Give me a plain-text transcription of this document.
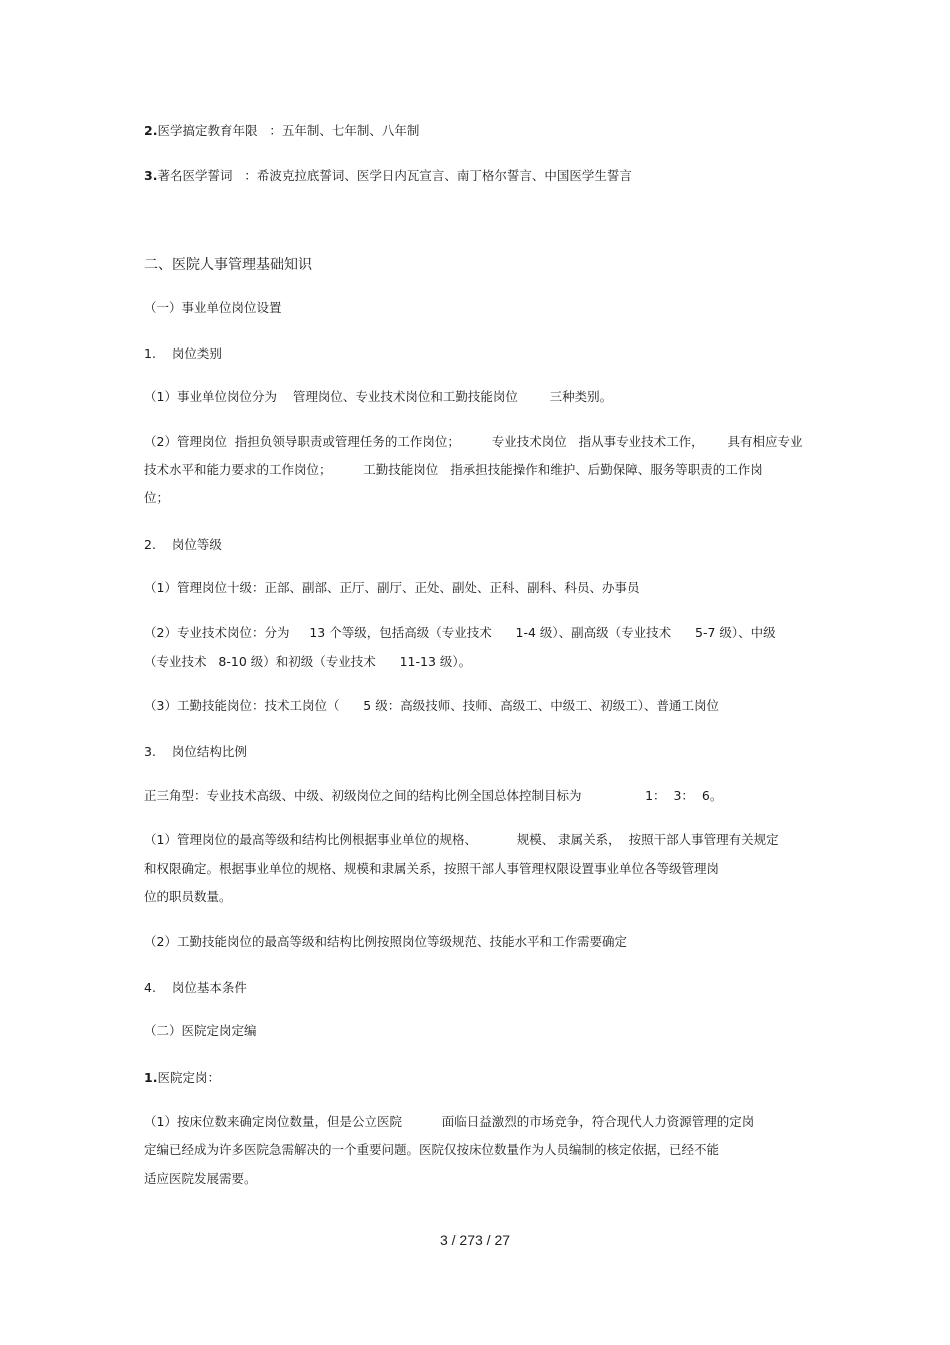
2.医学搞定教育年限   ：五年制、七年制、八年制
3.著名医学誓词   ：希波克拉底誓词、医学日内瓦宣言、南丁格尔誓言、中国医学生誓言
二、医院人事管理基础知识
（一）事业单位岗位设置
1.    岗位类别
（1）事业单位岗位分为    管理岗位、专业技术岗位和工勤技能岗位        三种类别。
（2）管理岗位  指担负领导职责或管理任务的工作岗位；        专业技术岗位   指从事专业技术工作，      具有相应专业
技术水平和能力要求的工作岗位；        工勤技能岗位   指承担技能操作和维护、后勤保障、服务等职责的工作岗
位；
2.    岗位等级
（1）管理岗位十级：正部、副部、正厅、副厅、正处、副处、正科、副科、科员、办事员
（2）专业技术岗位：分为     13 个等级，包括高级（专业技术      1-4 级）、副高级（专业技术      5-7 级）、中级
（专业技术   8-10 级）和初级（专业技术      11-13 级）。
（3）工勤技能岗位：技术工岗位（      5 级：高级技师、技师、高级工、中级工、初级工）、普通工岗位
3.    岗位结构比例
正三角型：专业技术高级、中级、初级岗位之间的结构比例全国总体控制目标为                1：  3：  6。
（1）管理岗位的最高等级和结构比例根据事业单位的规格、          规模、 隶属关系，  按照干部人事管理有关规定
和权限确定。根据事业单位的规格、规模和隶属关系，按照干部人事管理权限设置事业单位各等级管理岗
位的职员数量。
（2）工勤技能岗位的最高等级和结构比例按照岗位等级规范、技能水平和工作需要确定
4.    岗位基本条件
（二）医院定岗定编
1.医院定岗：
（1）按床位数来确定岗位数量，但是公立医院          面临日益激烈的市场竞争，符合现代人力资源管理的定岗
定编已经成为许多医院急需解决的一个重要问题。医院仅按床位数量作为人员编制的核定依据，已经不能
适应医院发展需要。
3 / 273 / 27
